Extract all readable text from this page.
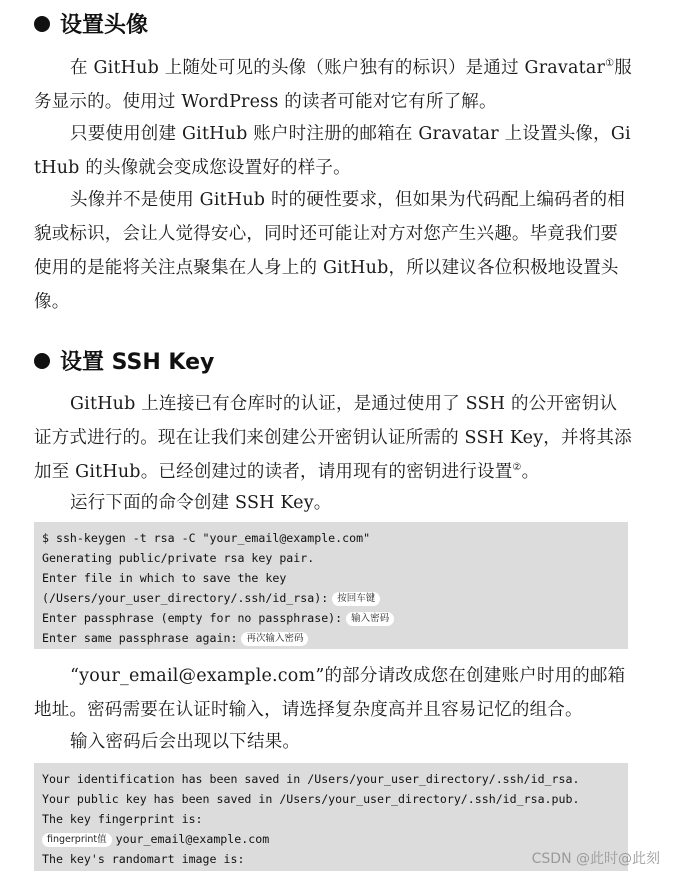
设置头像
在 GitHub 上随处可见的头像（账户独有的标识）是通过 Gravatar①服务显示的。使用过 WordPress 的读者可能对它有所了解。
只要使用创建 GitHub 账户时注册的邮箱在 Gravatar 上设置头像，GitHub 的头像就会变成您设置好的样子。
头像并不是使用 GitHub 时的硬性要求，但如果为代码配上编码者的相貌或标识，会让人觉得安心，同时还可能让对方对您产生兴趣。毕竟我们要使用的是能将关注点聚集在人身上的 GitHub，所以建议各位积极地设置头像。
设置 SSH Key
GitHub 上连接已有仓库时的认证，是通过使用了 SSH 的公开密钥认证方式进行的。现在让我们来创建公开密钥认证所需的 SSH Key，并将其添加至 GitHub。已经创建过的读者，请用现有的密钥进行设置②。
运行下面的命令创建 SSH Key。
$ ssh-keygen -t rsa -C "your_email@example.com"
Generating public/private rsa key pair.
Enter file in which to save the key
(/Users/your_user_directory/.ssh/id_rsa): 按回车键
Enter passphrase (empty for no passphrase): 输入密码
Enter same passphrase again: 再次输入密码
“your_email@example.com”的部分请改成您在创建账户时用的邮箱地址。密码需要在认证时输入，请选择复杂度高并且容易记忆的组合。
输入密码后会出现以下结果。
Your identification has been saved in /Users/your_user_directory/.ssh/id_rsa.
Your public key has been saved in /Users/your_user_directory/.ssh/id_rsa.pub.
The key fingerprint is:
fingerprint值 your_email@example.com
The key's randomart image is:	CSDN @此时@此刻
